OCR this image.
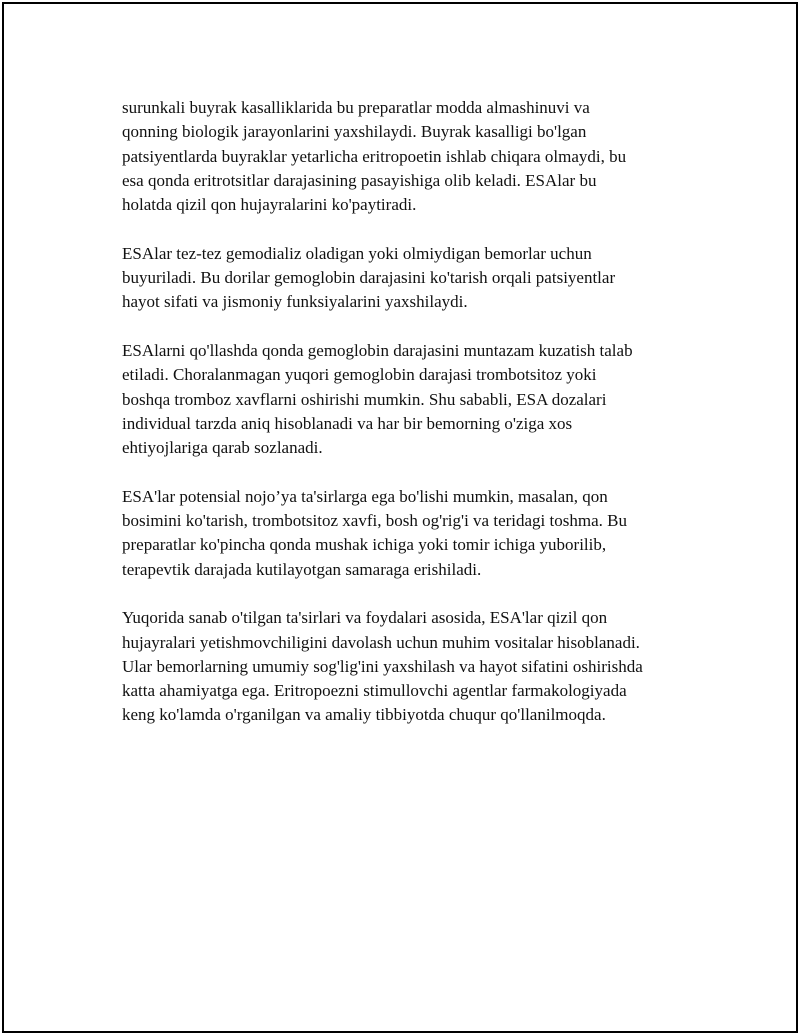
surunkali buyrak kasalliklarida bu preparatlar modda almashinuvi va
qonning biologik jarayonlarini yaxshilaydi. Buyrak kasalligi bo'lgan
patsiyentlarda buyraklar yetarlicha eritropoetin ishlab chiqara olmaydi, bu
esa qonda eritrotsitlar darajasining pasayishiga olib keladi. ESAlar bu
holatda qizil qon hujayralarini ko'paytiradi.

ESAlar tez-tez gemodializ oladigan yoki olmiydigan bemorlar uchun
buyuriladi. Bu dorilar gemoglobin darajasini ko'tarish orqali patsiyentlar
hayot sifati va jismoniy funksiyalarini yaxshilaydi.

ESAlarni qo'llashda qonda gemoglobin darajasini muntazam kuzatish talab
etiladi. Choralanmagan yuqori gemoglobin darajasi trombotsitoz yoki
boshqa tromboz xavflarni oshirishi mumkin. Shu sababli, ESA dozalari
individual tarzda aniq hisoblanadi va har bir bemorning o'ziga xos
ehtiyojlariga qarab sozlanadi.

ESA'lar potensial nojo’ya ta'sirlarga ega bo'lishi mumkin, masalan, qon
bosimini ko'tarish, trombotsitoz xavfi, bosh og'rig'i va teridagi toshma. Bu
preparatlar ko'pincha qonda mushak ichiga yoki tomir ichiga yuborilib,
terapevtik darajada kutilayotgan samaraga erishiladi.

Yuqorida sanab o'tilgan ta'sirlari va foydalari asosida, ESA'lar qizil qon
hujayralari yetishmovchiligini davolash uchun muhim vositalar hisoblanadi.
Ular bemorlarning umumiy sog'lig'ini yaxshilash va hayot sifatini oshirishda
katta ahamiyatga ega. Eritropoezni stimullovchi agentlar farmakologiyada
keng ko'lamda o'rganilgan va amaliy tibbiyotda chuqur qo'llanilmoqda.
